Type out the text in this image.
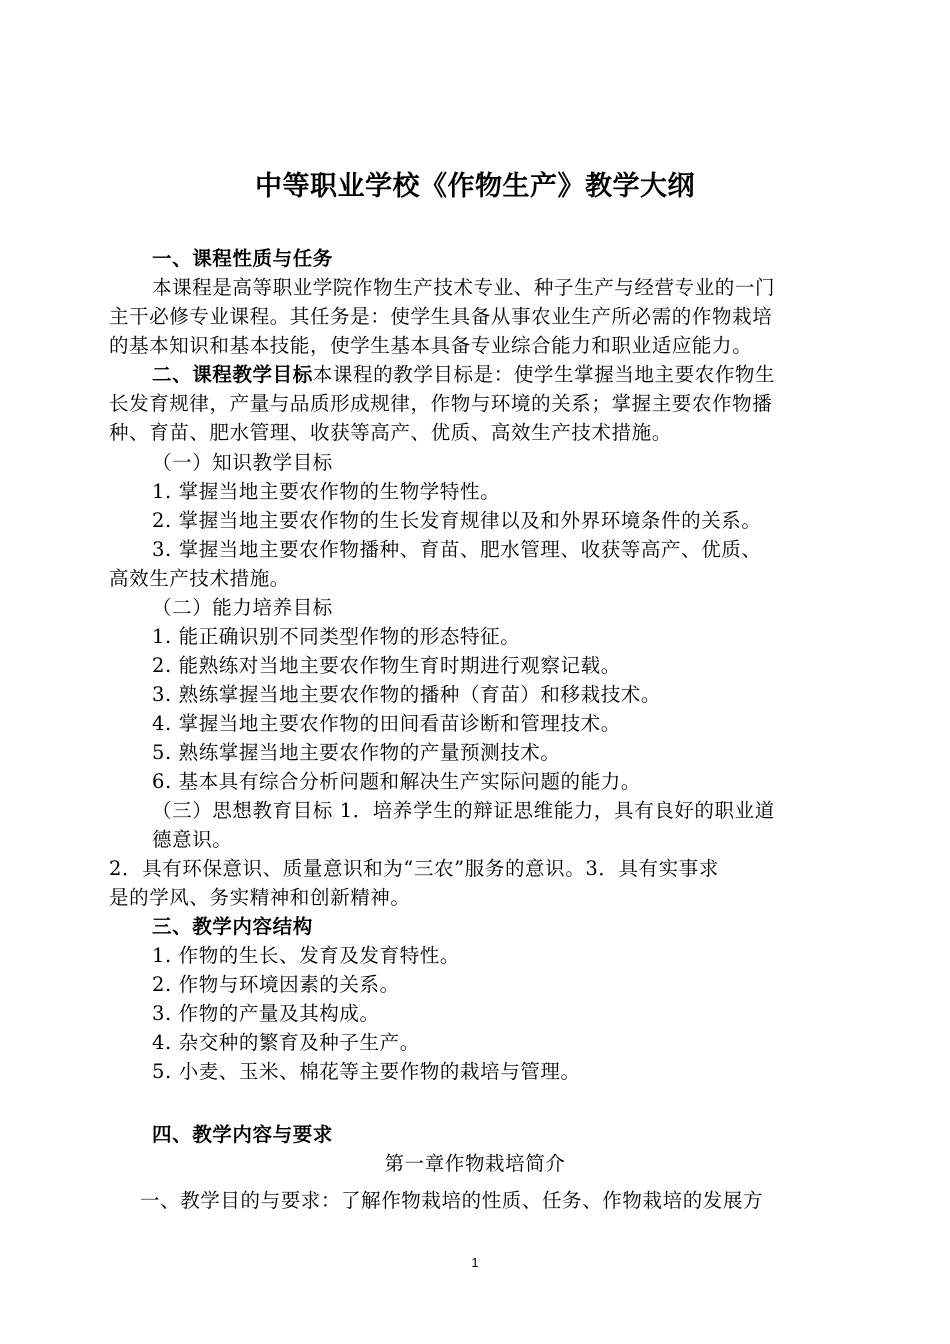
中等职业学校《作物生产》教学大纲
一、课程性质与任务
本课程是高等职业学院作物生产技术专业、种子生产与经营专业的一门
主干必修专业课程。其任务是：使学生具备从事农业生产所必需的作物栽培
的基本知识和基本技能，使学生基本具备专业综合能力和职业适应能力。
二、课程教学目标本课程的教学目标是：使学生掌握当地主要农作物生
长发育规律，产量与品质形成规律，作物与环境的关系；掌握主要农作物播
种、育苗、肥水管理、收获等高产、优质、高效生产技术措施。
（一）知识教学目标
1. 掌握当地主要农作物的生物学特性。
2. 掌握当地主要农作物的生长发育规律以及和外界环境条件的关系。
3. 掌握当地主要农作物播种、育苗、肥水管理、收获等高产、优质、
高效生产技术措施。
（二）能力培养目标
1. 能正确识别不同类型作物的形态特征。
2. 能熟练对当地主要农作物生育时期进行观察记载。
3. 熟练掌握当地主要农作物的播种（育苗）和移栽技术。
4. 掌握当地主要农作物的田间看苗诊断和管理技术。
5. 熟练掌握当地主要农作物的产量预测技术。
6. 基本具有综合分析问题和解决生产实际问题的能力。
（三）思想教育目标 1．培养学生的辩证思维能力，具有良好的职业道
德意识。
2．具有环保意识、质量意识和为“三农”服务的意识。3．具有实事求
是的学风、务实精神和创新精神。
三、教学内容结构
1. 作物的生长、发育及发育特性。
2. 作物与环境因素的关系。
3. 作物的产量及其构成。
4. 杂交种的繁育及种子生产。
5. 小麦、玉米、棉花等主要作物的栽培与管理。
四、教学内容与要求
第一章作物栽培简介
一、教学目的与要求：了解作物栽培的性质、任务、作物栽培的发展方
1
